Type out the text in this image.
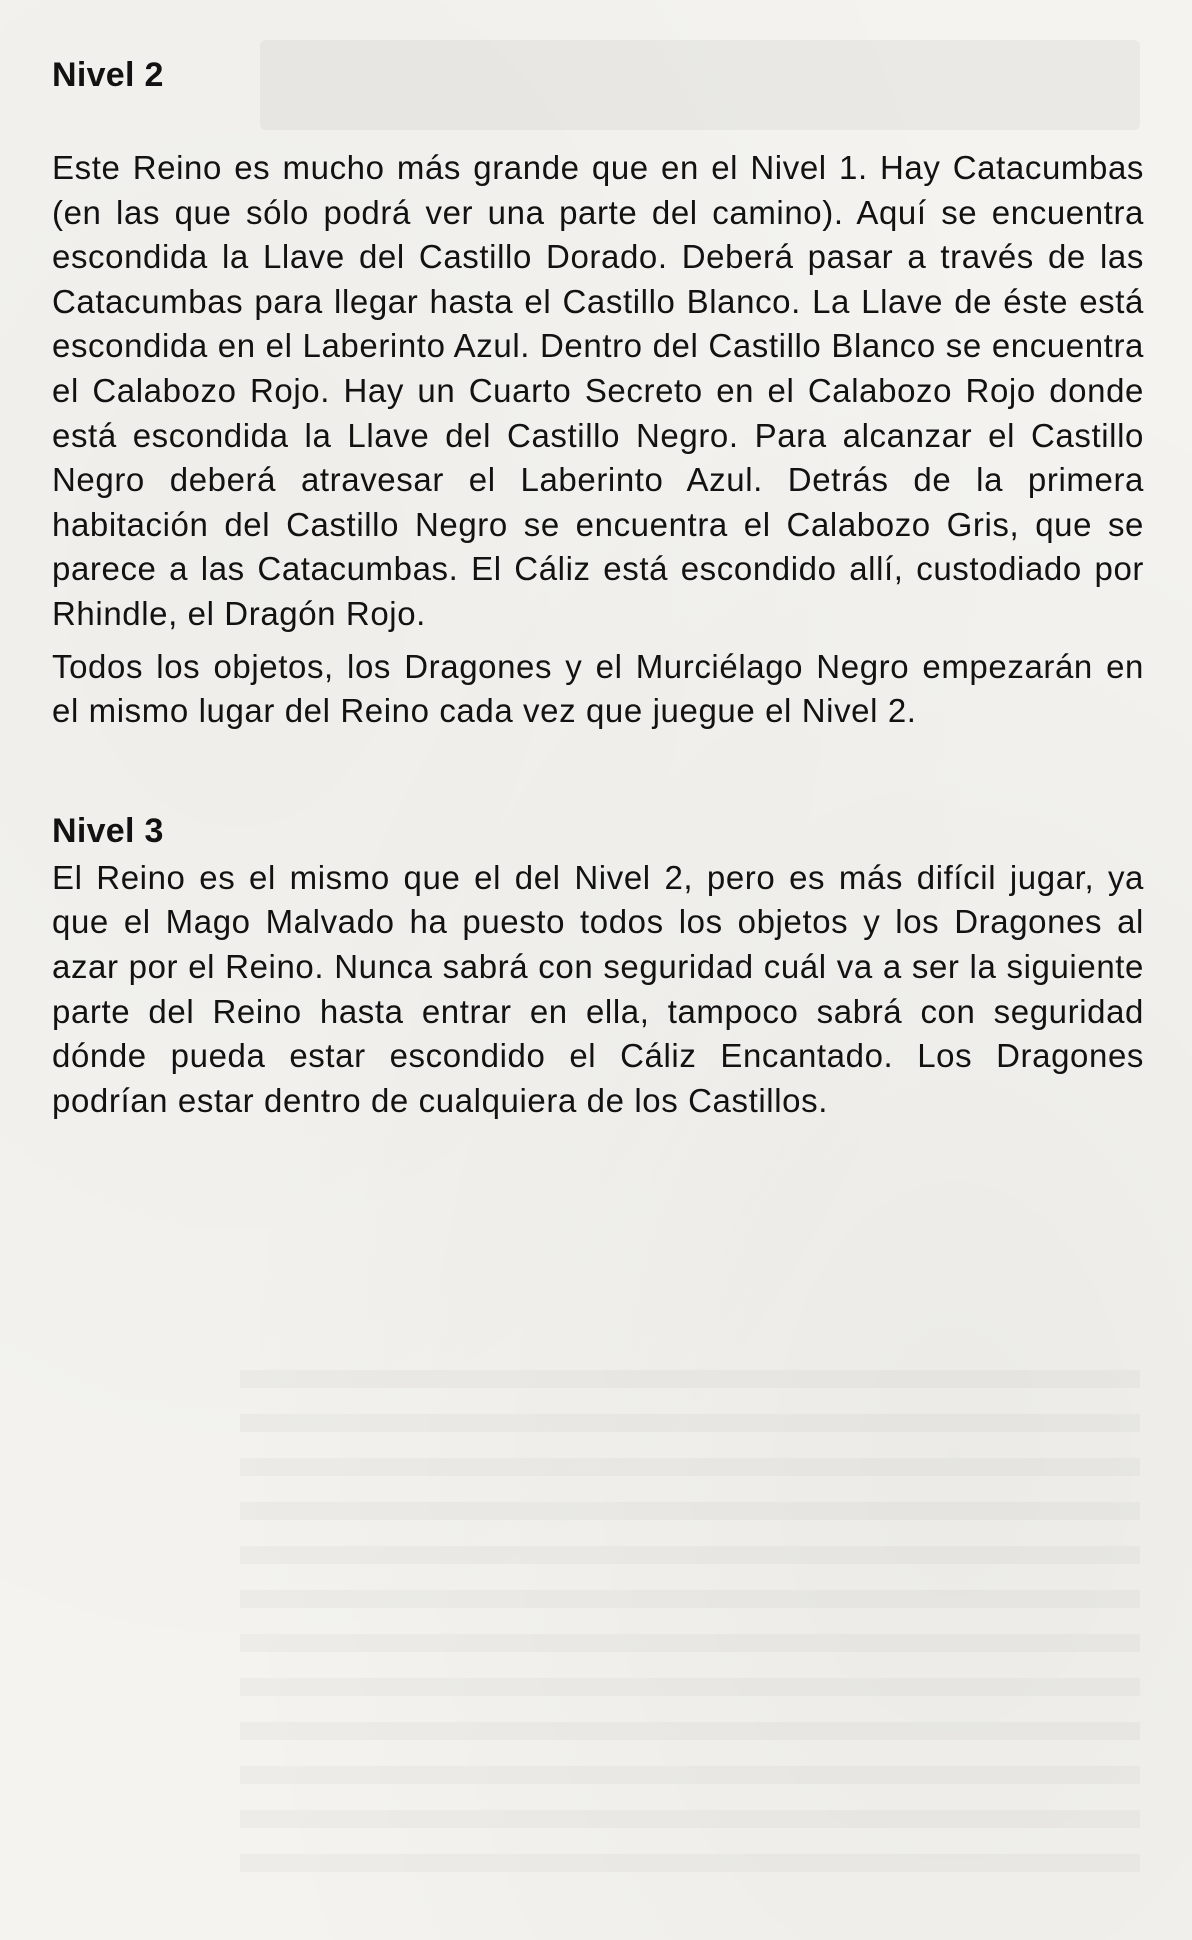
Nivel 2

Este Reino es mucho más grande que en el Nivel 1. Hay Catacumbas (en las que sólo podrá ver una parte del camino). Aquí se encuentra escondida la Llave del Castillo Dorado. Deberá pasar a través de las Catacumbas para llegar hasta el Castillo Blanco. La Llave de éste está escondida en el Laberinto Azul. Dentro del Castillo Blanco se encuentra el Calabozo Rojo. Hay un Cuarto Secreto en el Calabozo Rojo donde está escondida la Llave del Castillo Negro. Para alcanzar el Castillo Negro deberá atravesar el Laberinto Azul. Detrás de la primera habitación del Castillo Negro se encuentra el Calabozo Gris, que se parece a las Catacumbas. El Cáliz está escondido allí, custodiado por Rhindle, el Dragón Rojo.

Todos los objetos, los Dragones y el Murciélago Negro empezarán en el mismo lugar del Reino cada vez que juegue el Nivel 2.

Nivel 3

El Reino es el mismo que el del Nivel 2, pero es más difícil jugar, ya que el Mago Malvado ha puesto todos los objetos y los Dragones al azar por el Reino. Nunca sabrá con seguridad cuál va a ser la siguiente parte del Reino hasta entrar en ella, tampoco sabrá con seguridad dónde pueda estar escondido el Cáliz Encantado. Los Dragones podrían estar dentro de cualquiera de los Castillos.
